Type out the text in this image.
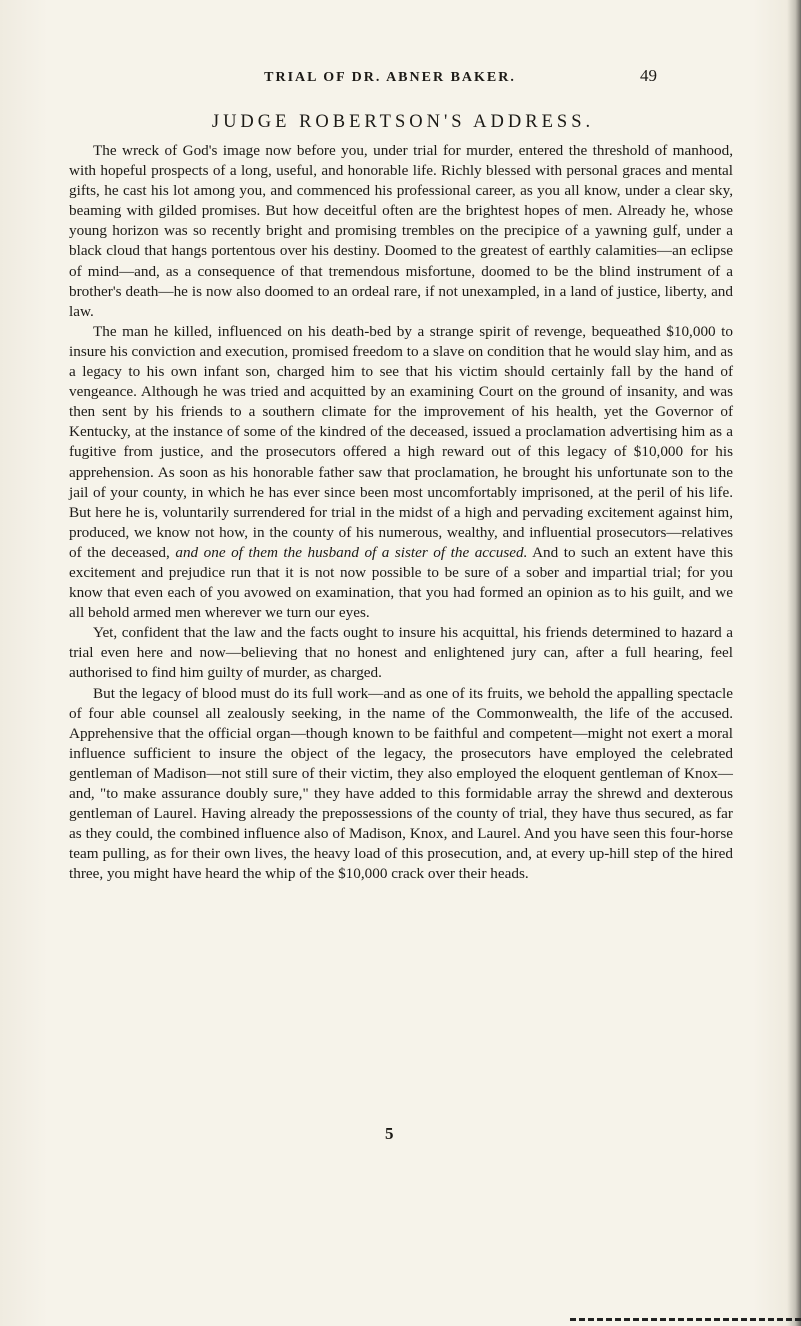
TRIAL OF DR. ABNER BAKER.	49
JUDGE ROBERTSON'S ADDRESS.

The wreck of God's image now before you, under trial for murder, entered the threshold of manhood, with hopeful prospects of a long, useful, and honorable life. Richly blessed with personal graces and mental gifts, he cast his lot among you, and commenced his professional career, as you all know, under a clear sky, beaming with gilded promises. But how deceitful often are the brightest hopes of men. Already he, whose young horizon was so recently bright and promising trembles on the precipice of a yawning gulf, under a black cloud that hangs portentous over his destiny. Doomed to the greatest of earthly calamities—an eclipse of mind—and, as a consequence of that tremendous misfortune, doomed to be the blind instrument of a brother's death—he is now also doomed to an ordeal rare, if not unexampled, in a land of justice, liberty, and law.

The man he killed, influenced on his death-bed by a strange spirit of revenge, bequeathed $10,000 to insure his conviction and execution, promised freedom to a slave on condition that he would slay him, and as a legacy to his own infant son, charged him to see that his victim should certainly fall by the hand of vengeance. Although he was tried and acquitted by an examining Court on the ground of insanity, and was then sent by his friends to a southern climate for the improvement of his health, yet the Governor of Kentucky, at the instance of some of the kindred of the deceased, issued a proclamation advertising him as a fugitive from justice, and the prosecutors offered a high reward out of this legacy of $10,000 for his apprehension. As soon as his honorable father saw that proclamation, he brought his unfortunate son to the jail of your county, in which he has ever since been most uncomfortably imprisoned, at the peril of his life. But here he is, voluntarily surrendered for trial in the midst of a high and pervading excitement against him, produced, we know not how, in the county of his numerous, wealthy, and influential prosecutors—relatives of the deceased, and one of them the husband of a sister of the accused. And to such an extent have this excitement and prejudice run that it is not now possible to be sure of a sober and impartial trial; for you know that even each of you avowed on examination, that you had formed an opinion as to his guilt, and we all behold armed men wherever we turn our eyes.

Yet, confident that the law and the facts ought to insure his acquittal, his friends determined to hazard a trial even here and now—believing that no honest and enlightened jury can, after a full hearing, feel authorised to find him guilty of murder, as charged.

But the legacy of blood must do its full work—and as one of its fruits, we behold the appalling spectacle of four able counsel all zealously seeking, in the name of the Commonwealth, the life of the accused. Apprehensive that the official organ—though known to be faithful and competent—might not exert a moral influence sufficient to insure the object of the legacy, the prosecutors have employed the celebrated gentleman of Madison—not still sure of their victim, they also employed the eloquent gentleman of Knox—and, "to make assurance doubly sure," they have added to this formidable array the shrewd and dexterous gentleman of Laurel. Having already the prepossessions of the county of trial, they have thus secured, as far as they could, the combined influence also of Madison, Knox, and Laurel. And you have seen this four-horse team pulling, as for their own lives, the heavy load of this prosecution, and, at every up-hill step of the hired three, you might have heard the whip of the $10,000 crack over their heads.

5
